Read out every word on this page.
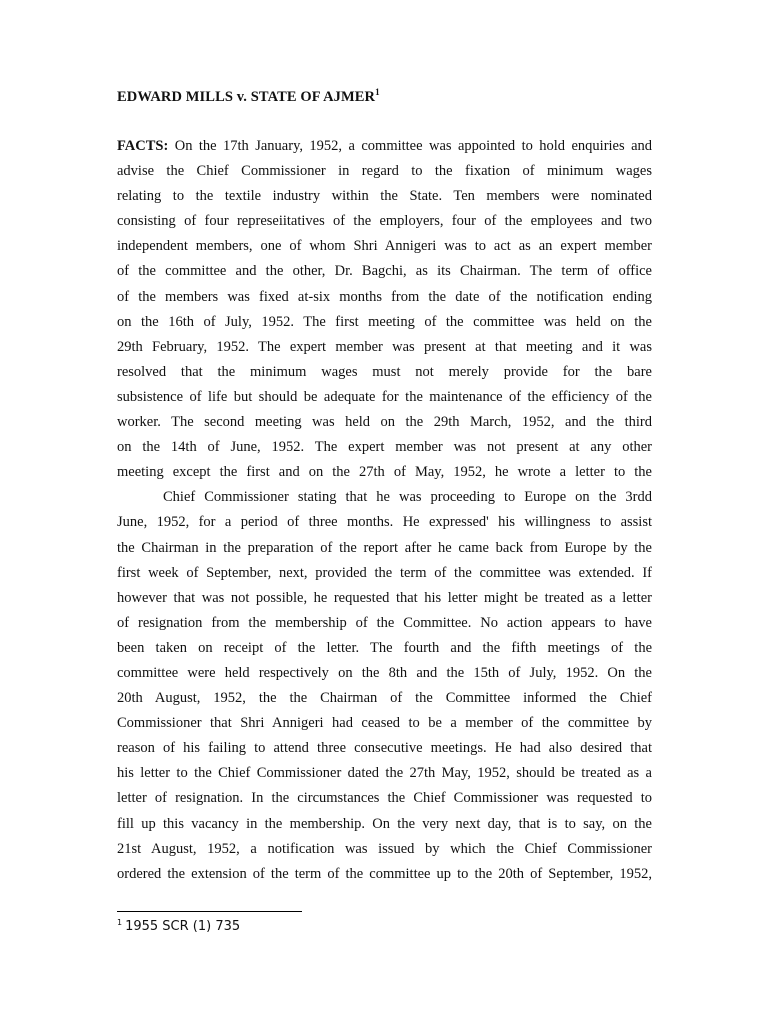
EDWARD MILLS v. STATE OF AJMER$^1$
FACTS: On the 17th January, 1952, a committee was appointed to hold enquiries and
advise the Chief Commissioner in regard to the fixation of minimum wages
relating to the textile industry within the State. Ten members were nominated
consisting of four represeiitatives of the employers, four of the employees and two
independent members, one of whom Shri Annigeri was to act as an expert member
of the committee and the other, Dr. Bagchi, as its Chairman. The term of office
of the members was fixed at-six months from the date of the notification ending
on the 16th of July, 1952. The first meeting of the committee was held on the
29th February, 1952. The expert member was present at that meeting and it was
resolved that the minimum wages must not merely provide for the bare
subsistence of life but should be adequate for the maintenance of the efficiency of the
worker. The second meeting was held on the 29th March, 1952, and the third
on the 14th of June, 1952. The expert member was not present at any other
meeting except the first and on the 27th of May, 1952, he wrote a letter to the
Chief Commissioner stating that he was proceeding to Europe on the 3rdd
June, 1952, for a period of three months. He expressed' his willingness to assist
the Chairman in the preparation of the report after he came back from Europe by the
first week of September, next, provided the term of the committee was extended. If
however that was not possible, he requested that his letter might be treated as a letter
of resignation from the membership of the Committee. No action appears to have
been taken on receipt of the letter. The fourth and the fifth meetings of the
committee were held respectively on the 8th and the 15th of July, 1952. On the
20th August, 1952, the the Chairman of the Committee informed the Chief
Commissioner that Shri Annigeri had ceased to be a member of the committee by
reason of his failing to attend three consecutive meetings. He had also desired that
his letter to the Chief Commissioner dated the 27th May, 1952, should be treated as a
letter of resignation. In the circumstances the Chief Commissioner was requested to
fill up this vacancy in the membership. On the very next day, that is to say, on the
21st August, 1952, a notification was issued by which the Chief Commissioner
ordered the extension of the term of the committee up to the 20th of September, 1952,
$^1$ 1955 SCR (1) 735
